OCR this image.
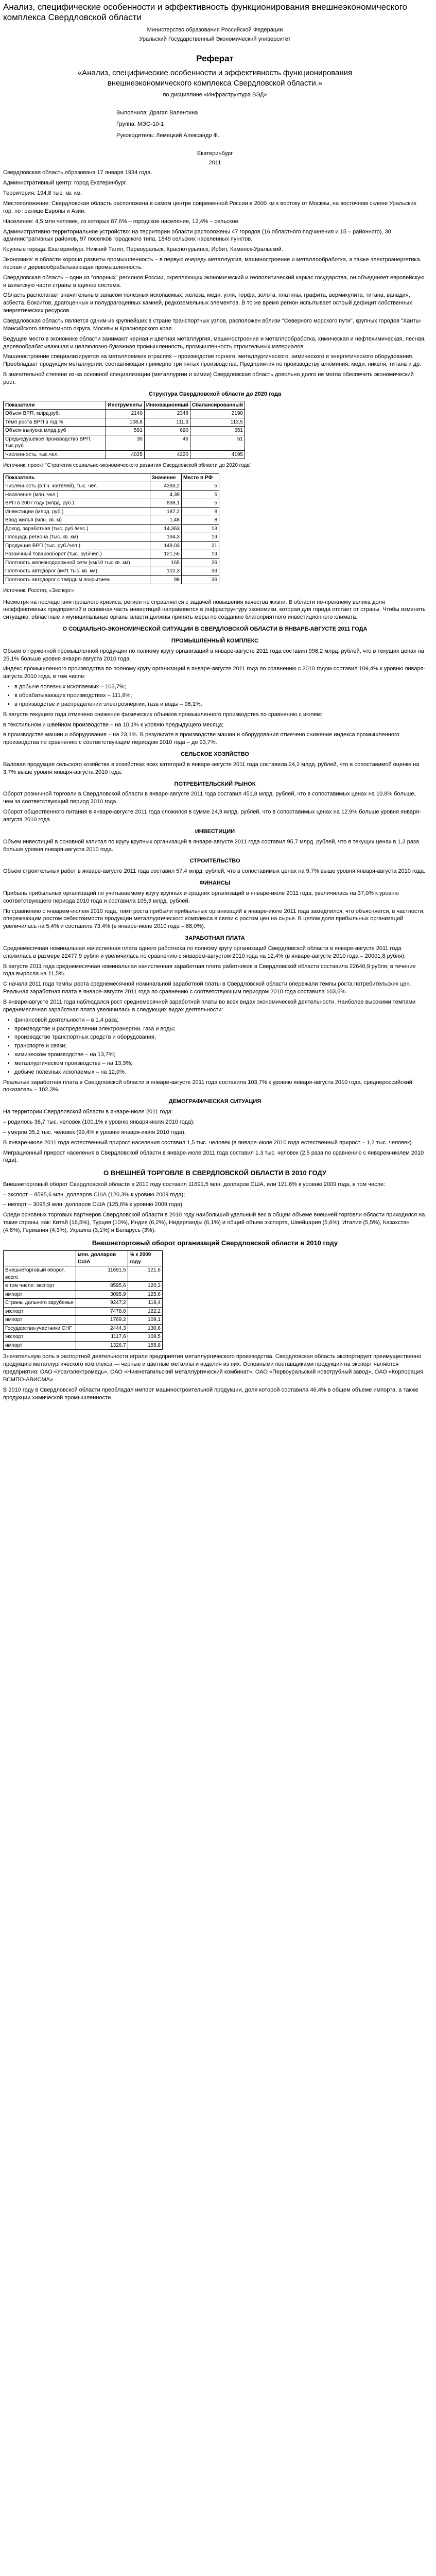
Анализ, специфические особенности и эффективность функционирования внешнеэкономического комплекса Свердловской области
Министерство образования Российской Федерации
Уральский Государственный Экономический университет
Реферат
«Анализ, специфические особенности и эффективность функционирования внешнеэкономического комплекса Свердловской области.»
по дисциплине «Инфраструктура ВЭД»
Выполнила: Драгая Валентина
Группа: МЭО-10-1
Руководитель: Лемецкий Александр Ф.
Екатеринбург
2011

Свердловская область образована 17 января 1934 года.

Административный центр: город Екатеринбург.

Территория: 194,8 тыс. кв. км.

Местоположение: Свердловская область расположена в самом центре современной России в 2000 км к востоку от Москвы, на восточном склоне Уральских гор, по границе Европы и Азии.

Население: 4,5 млн человек, из которых 87,6% – городское население, 12,4% – сельское.

Административно-территориальное устройство: на территории области расположены 47 городов (16 областного подчинения и 15 – районного), 30 административных районов, 97 поселков городского типа, 1849 сельских населенных пунктов.

Крупные города: Екатеринбург, Нижний Тагил, Первоуральск, Краснотурьинск, Ирбит, Каменск-Уральский.

Экономика: в области хорошо развиты промышленность – в первую очередь металлургия, машиностроение и металлообработка, а также электроэнергетика, лесная и деревообрабатывающая промышленность.

Свердловская область – один из "опорных" регионов России, скрепляющих экономический и геополитический каркас государства, он объединяет европейскую и азиатскую части страны в единое система.

Область располагает значительным запасом полезных ископаемых: железа, меди, угля, торфа, золота, платины, графита, вермикулита, титана, ванадия, асбеста. Бокситов, драгоценных и полудрагоценных камней, редкоземельных элементов. В то же время регион испытывает острый дефицит собственных энергетических ресурсов.

Свердловская область является одним из крупнейших в стране транспортных узлов, расположен вблизи "Северного морского пути", крупных городов "Ханты-Мансийского автономного округа, Москвы и Красноярского края.

Ведущее место в экономике области занимают черная и цветная металлургия, машиностроение и металлообработка, химическая и нефтехимическая, лесная, деревообрабатывающая и целлюлозно-бумажная промышленность, промышленность строительных материалов.

Машиностроение специализируется на металлоемких отраслях – производстве горного, металлургического, химического и энергетического оборудования. Преобладает продукция металлургии, составляющая примерно три пятых производства. Предприятия по производству алюминия, меди, никеля, титана и др.

В значительной степени из-за основной специализации (металлургии и химии) Свердловская область довольно долго не могла обеспечить экономический рост.

Структура Свердловской области до 2020 года
Показатели	Инструменты	Инновационный	Сбалансированный
Объем ВРП, млрд.руб.	2140	2348	2190
Темп роста ВРП в год,%	108,8	111,3	113,5
Объем выпуска млрд.руб	591	690	651
Среднедушевое производство ВРП, тыс.руб	30	46	51
Численность, тыс.чел.	4025	4220	4195
Источник: проект "Стратегия социально-экономического развития Свердловской области до 2020 года"
Показатель	Значение	Место в РФ
Численность (в т.ч. жителей), тыс. чел.	4393,2	5
Население (млн. чел.)	4,39	5
ВРП в 2007 году (млрд. руб.)	838,1	5
Инвестиции (млрд. руб.)	187,2	8
Ввод жилья (млн. кв. м)	1,48	8
Доход, заработная (тыс. руб./мес.)	14,363	13
Площадь региона (тыс. кв. км)	194,3	19
Продукция ВРП (тыс. руб./чел.)	149,03	21
Розничный товарооборот (тыс. руб/чел.)	121,55	19
Плотность железнодорожной сети (км/10 тыс.кв. км)	165	26
Плотность автодорог (км/1 тыс. кв. км)	102,3	33
Плотность автодорог с твёрдым покрытием	98	36
Источник: Росстат, «Эксперт»

Несмотря на последствия прошлого кризиса, регион не справляется с задачей повышения качества жизни. В области по-прежнему велика доля неэффективных предприятий и основная часть инвестиций направляется в инфраструктуру экономики, которая для города отстает от страны. Чтобы изменить ситуацию, областные и муниципальные органы власти должны принять меры по созданию благоприятного инвестиционного климата.

О СОЦИАЛЬНО-ЭКОНОМИЧЕСКОЙ СИТУАЦИИ В СВЕРДЛОВСКОЙ ОБЛАСТИ В ЯНВАРЕ-АВГУСТЕ 2011 ГОДА
ПРОМЫШЛЕННЫЙ КОМПЛЕКС

Объем отгруженной промышленной продукции по полному кругу организаций в январе-августе 2011 года составил 996,2 млрд. рублей, что в текущих ценах на 25,1% больше уровня января-августа 2010 года.

Индекс промышленного производства по полному кругу организаций в январе-августе 2011 года по сравнению с 2010 годом составил 109,4% к уровню января-августа 2010 года, в том числе:

• в добыче полезных ископаемых – 103,7%;
• в обрабатывающих производствах – 111,8%;
• в производстве и распределении электроэнергии, газа и воды – 96,1%.

В августе текущего года отмечено снижение физических объемов промышленного производства по сравнению с июлем:

в текстильном и швейном производстве – на 10,1% к уровню предыдущего месяца;

в производстве машин и оборудования – на 23,1%. В результате в производстве машин и оборудования отмечено снижение индекса промышленного производства по сравнению с соответствующим периодом 2010 года – до 93,7%.

СЕЛЬСКОЕ ХОЗЯЙСТВО

Валовая продукция сельского хозяйства в хозяйствах всех категорий в январе-августе 2011 года составила 24,2 млрд. рублей, что в сопоставимой оценке на 3,7% выше уровня января-августа 2010 года.

ПОТРЕБИТЕЛЬСКИЙ РЫНОК

Оборот розничной торговли в Свердловской области в январе-августе 2011 года составил 451,8 млрд. рублей, что в сопоставимых ценах на 10,8% больше, чем за соответствующий период 2010 года.

Оборот общественного питания в январе-августе 2011 года сложился в сумме 24,9 млрд. рублей, что в сопоставимых ценах на 12,9% больше уровня января-августа 2010 года.

ИНВЕСТИЦИИ

Объем инвестиций в основной капитал по кругу крупных организаций в январе-августе 2011 года составил 95,7 млрд. рублей, что в текущих ценах в 1,3 раза больше уровня января-августа 2010 года.

СТРОИТЕЛЬСТВО

Объем строительных работ в январе-августе 2011 года составил 57,4 млрд. рублей, что в сопоставимых ценах на 9,7% выше уровня января-августа 2010 года.

ФИНАНСЫ

Прибыль прибыльных организаций по учитываемому кругу крупных и средних организаций в январе-июле 2011 года, увеличилась на 37,0% к уровню соответствующего периода 2010 года и составила 105,9 млрд. рублей.

По сравнению с январем-июлем 2010 года, темп роста прибыли прибыльных организаций в январе-июле 2011 года замедлился, что объясняется, в частности, опережающим ростом себестоимости продукции металлургического комплекса в связи с ростом цен на сырье. В целом доля прибыльных организаций увеличилась на 5,4% и составила 73,4% (в январе-июле 2010 года – 68,0%).

ЗАРАБОТНАЯ ПЛАТА

Среднемесячная номинальная начисленная плата одного работника по полному кругу организаций Свердловской области в январе-августе 2011 года сложилась в размере 22477,9 рубля и увеличилась по сравнению с январем-августом 2010 года на 12,4% (в январе-августе 2010 года – 20001,8 рубля).

В августе 2011 года среднемесячная номинальная начисленная заработная плата работников в Свердловской области составила 22640,9 рубля, в течение года выросла на 11,5%.

С начала 2011 года темпы роста среднемесячной номинальной заработной платы в Свердловской области опережали темпы роста потребительских цен. Реальная заработная плата в январе-августе 2011 года по сравнению с соответствующим периодом 2010 года составила 103,6%.

В январе-августе 2011 года наблюдался рост среднемесячной заработной платы во всех видах экономической деятельности. Наиболее высокими темпами среднемесячная заработная плата увеличилась в следующих видах деятельности:

• финансовой деятельности – в 1,4 раза;
• производстве и распределении электроэнергии, газа и воды;
• производстве транспортных средств и оборудования;
• транспорте и связи;
• химическом производстве – на 13,7%;
• металлургическом производстве – на 13,3%;
• добыче полезных ископаемых – на 12,0%.

Реальные заработная плата в Свердловской области в январе-августе 2011 года составила 103,7% к уровню января-августа 2010 года, среднероссийский показатель – 102,3%.

ДЕМОГРАФИЧЕСКАЯ СИТУАЦИЯ

На территории Свердловской области в январе-июле 2011 года:

– родилось 36,7 тыс. человек (100,1% к уровню января-июля 2010 года);

– умерло 35,2 тыс. человек (99,4% к уровню января-июля 2010 года).

В январе-июле 2011 года естественный прирост населения составил 1,5 тыс. человек (в январе-июле 2010 года естественный прирост – 1,2 тыс. человек).

Миграционный прирост населения в Свердловской области в январе-июле 2011 года составил 1,3 тыс. человек (2,5 раза по сравнению с январем-июлем 2010 года).

О ВНЕШНЕЙ ТОРГОВЛЕ В СВЕРДЛОВСКОЙ ОБЛАСТИ В 2010 ГОДУ

Внешнеторговый оборот Свердловской области в 2010 году составил 11691,5 млн. долларов США, или 121,6% к уровню 2009 года, в том числе:

– экспорт – 8595,6 млн. долларов США (120,3% к уровню 2009 года);

– импорт – 3095,9 млн. долларов США (125,6% к уровню 2009 года).

Среди основных торговых партнеров Свердловской области в 2010 году наибольший удельный вес в общем объеме внешней торговли области приходился на такие страны, как: Китай (16,5%), Турция (10%), Индия (6,2%), Нидерланды (6,1%) и общий объем экспорта, Швейцария (5,6%), Италия (5,5%), Казахстан (4,8%), Германия (4,3%), Украина (3,1%) и Беларусь (3%).

Внешнеторговый оборот организаций Свердловской области в 2010 году
	млн. долларов США	% к 2009 году
Внешнеторговый оборот, всего	11691,5	121,6
в том числе: экспорт	8595,6	120,3
импорт	3095,9	125,6
Страны дальнего зарубежья	9247,2	119,4
экспорт	7478,0	122,2
импорт	1769,2	109,1
Государства-участники СНГ	2444,3	130,6
экспорт	1117,6	108,5
импорт	1326,7	155,8

Значительную роль в экспортной деятельности играли предприятия металлургического производства. Свердловская область экспортирует преимущественно продукцию металлургического комплекса — черные и цветные металлы и изделия из них. Основными поставщиками продукции на экспорт являются предприятия: ОАО «Уралэлектромедь», ОАО «Нижнетагильский металлургический комбинат», ОАО «Первоуральский новотрубный завод», ОАО «Корпорация ВСМПО-АВИСМА».

В 2010 году в Свердловской области преобладал импорт машиностроительной продукции, доля которой составила 46,4% в общем объеме импорта, а также продукции химической промышленности.
